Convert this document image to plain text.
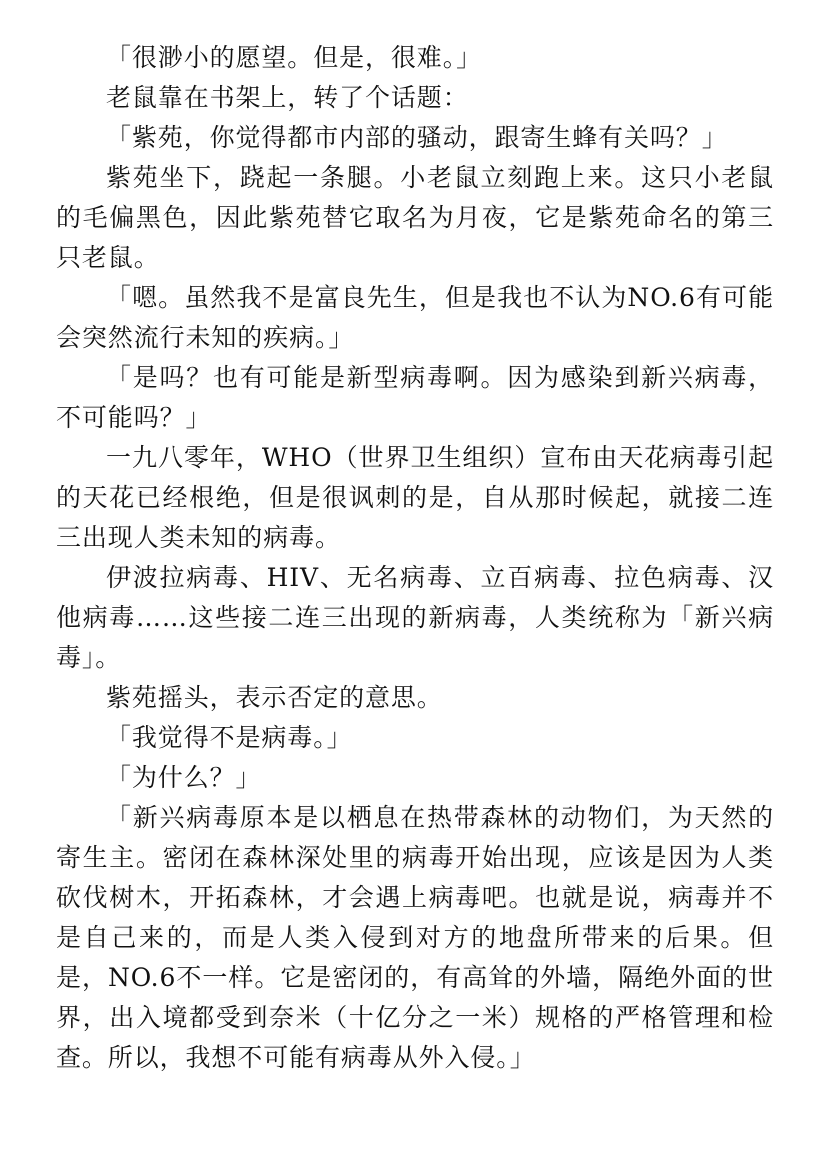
「很渺小的愿望。但是，很难。」

老鼠靠在书架上，转了个话题：

「紫苑，你觉得都市内部的骚动，跟寄生蜂有关吗？」

紫苑坐下，跷起一条腿。小老鼠立刻跑上来。这只小老鼠的毛偏黑色，因此紫苑替它取名为月夜，它是紫苑命名的第三只老鼠。

「嗯。虽然我不是富良先生，但是我也不认为NO.6有可能会突然流行未知的疾病。」

「是吗？也有可能是新型病毒啊。因为感染到新兴病毒，不可能吗？」

一九八零年，WHO（世界卫生组织）宣布由天花病毒引起的天花已经根绝，但是很讽刺的是，自从那时候起，就接二连三出现人类未知的病毒。

伊波拉病毒、HIV、无名病毒、立百病毒、拉色病毒、汉他病毒……这些接二连三出现的新病毒，人类统称为「新兴病毒」。

紫苑摇头，表示否定的意思。

「我觉得不是病毒。」

「为什么？」

「新兴病毒原本是以栖息在热带森林的动物们，为天然的寄生主。密闭在森林深处里的病毒开始出现，应该是因为人类砍伐树木，开拓森林，才会遇上病毒吧。也就是说，病毒并不是自己来的，而是人类入侵到对方的地盘所带来的后果。但是，NO.6不一样。它是密闭的，有高耸的外墙，隔绝外面的世界，出入境都受到奈米（十亿分之一米）规格的严格管理和检查。所以，我想不可能有病毒从外入侵。」
